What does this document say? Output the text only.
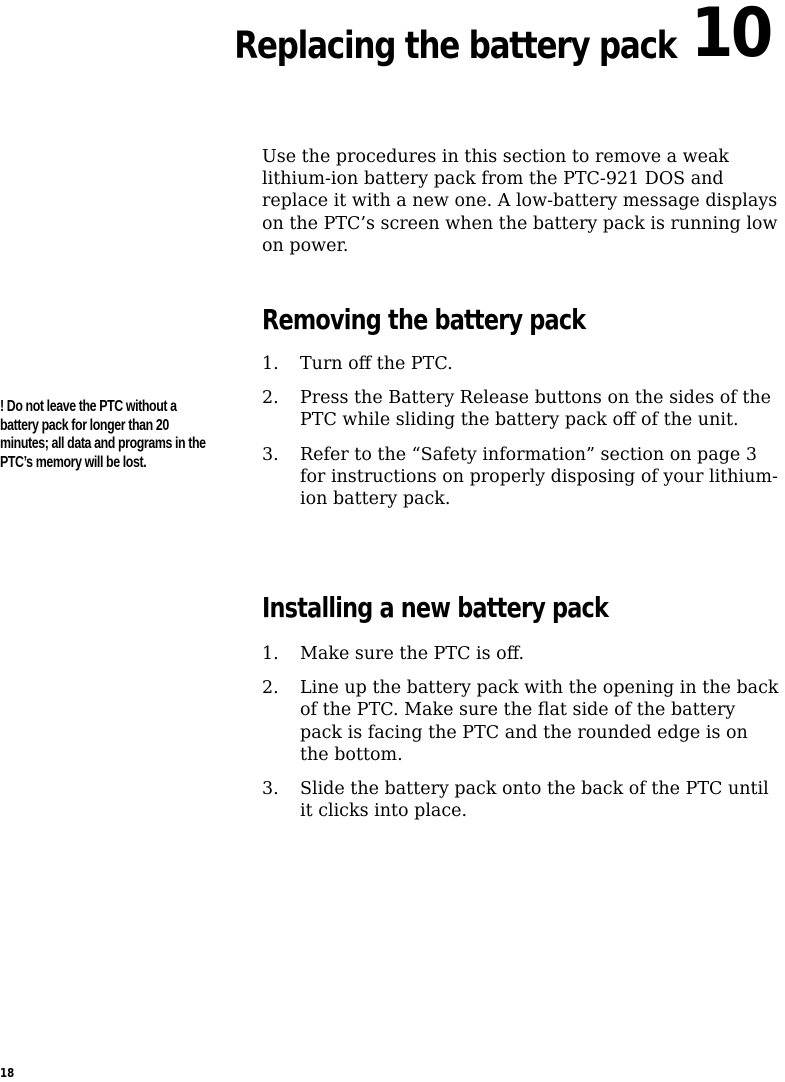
Replacing the battery pack 10

Use the procedures in this section to remove a weak lithium-ion battery pack from the PTC-921 DOS and replace it with a new one. A low-battery message displays on the PTC’s screen when the battery pack is running low on power.

Removing the battery pack
1.	Turn off the PTC.
2.	Press the Battery Release buttons on the sides of the PTC while sliding the battery pack off of the unit.
3.	Refer to the “Safety information” section on page 3 for instructions on properly disposing of your lithium-ion battery pack.

! Do not leave the PTC without a battery pack for longer than 20 minutes; all data and programs in the PTC’s memory will be lost.

Installing a new battery pack
1.	Make sure the PTC is off.
2.	Line up the battery pack with the opening in the back of the PTC. Make sure the flat side of the battery pack is facing the PTC and the rounded edge is on the bottom.
3.	Slide the battery pack onto the back of the PTC until it clicks into place.
18
